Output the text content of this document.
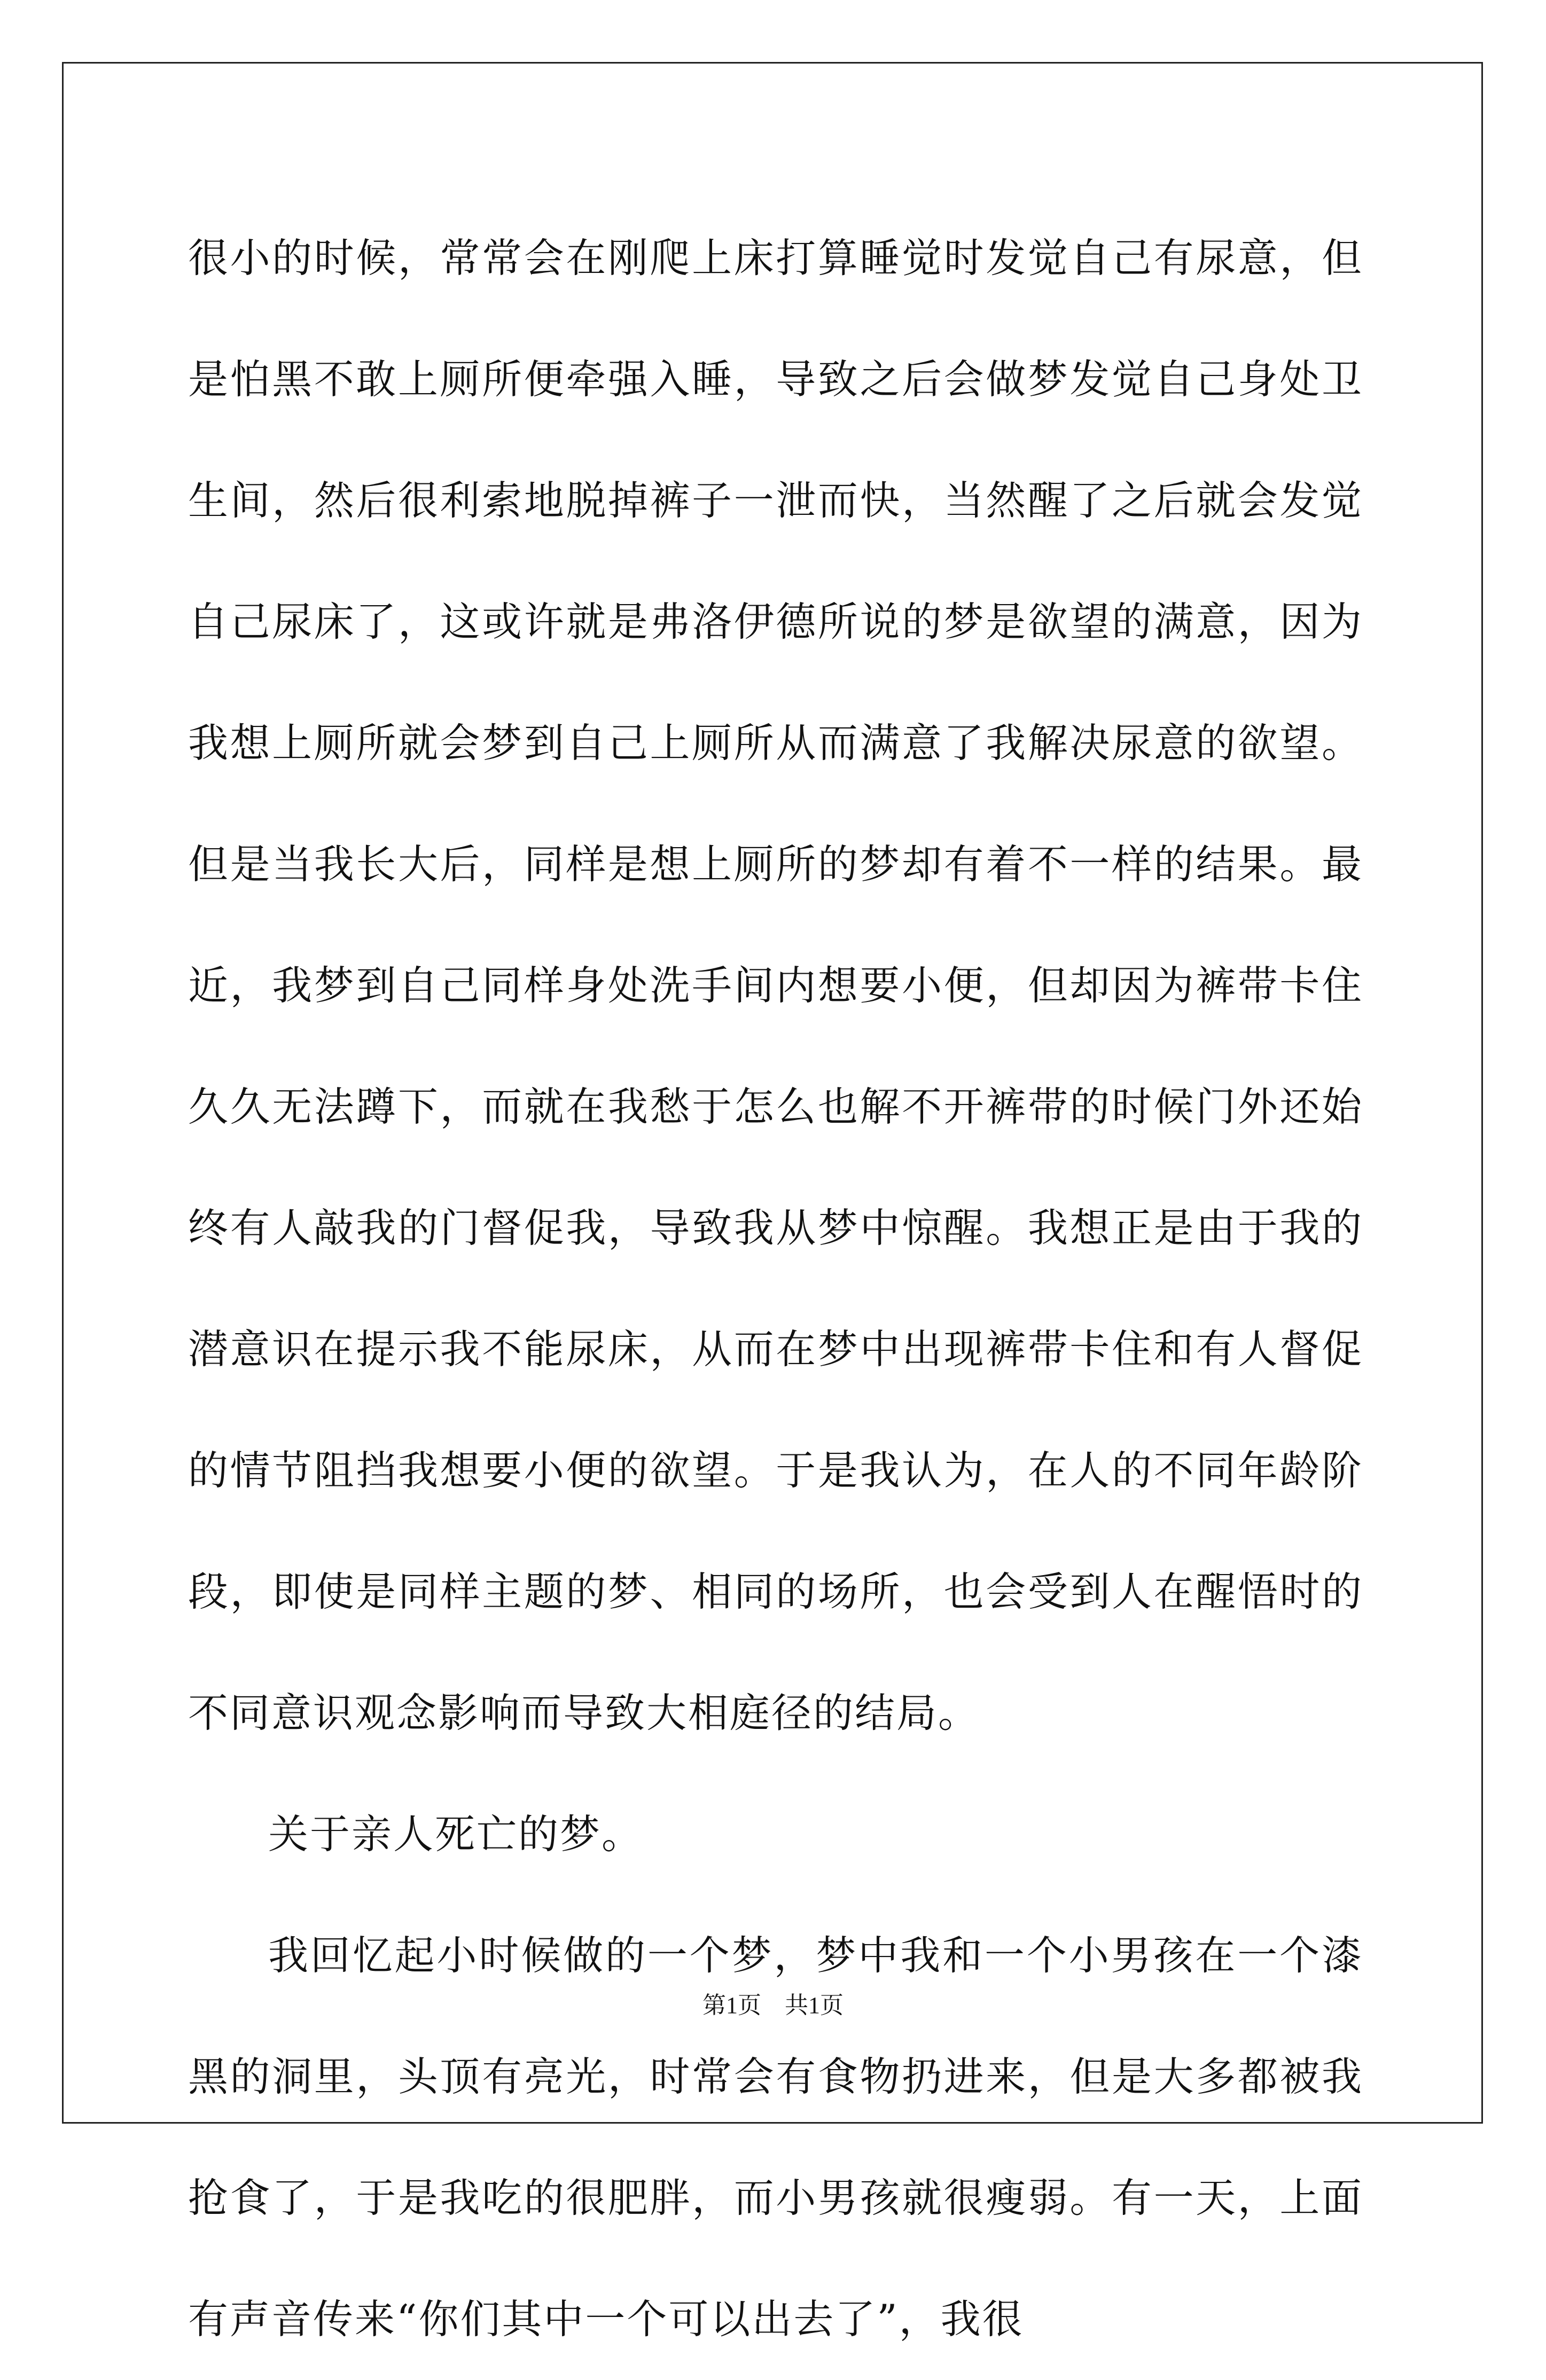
很小的时候，常常会在刚爬上床打算睡觉时发觉自己有尿意，但是怕黑不敢上厕所便牵强入睡，导致之后会做梦发觉自己身处卫生间，然后很利索地脱掉裤子一泄而快，当然醒了之后就会发觉自己尿床了，这或许就是弗洛伊德所说的梦是欲望的满意，因为我想上厕所就会梦到自己上厕所从而满意了我解决尿意的欲望。但是当我长大后，同样是想上厕所的梦却有着不一样的结果。最近，我梦到自己同样身处洗手间内想要小便，但却因为裤带卡住久久无法蹲下，而就在我愁于怎么也解不开裤带的时候门外还始终有人敲我的门督促我，导致我从梦中惊醒。我想正是由于我的潜意识在提示我不能尿床，从而在梦中出现裤带卡住和有人督促的情节阻挡我想要小便的欲望。于是我认为，在人的不同年龄阶段，即使是同样主题的梦、相同的场所，也会受到人在醒悟时的不同意识观念影响而导致大相庭径的结局。

关于亲人死亡的梦。

我回忆起小时候做的一个梦，梦中我和一个小男孩在一个漆黑的洞里，头顶有亮光，时常会有食物扔进来，但是大多都被我抢食了，于是我吃的很肥胖，而小男孩就很瘦弱。有一天，上面有声音传来“你们其中一个可以出去了”，我很

第1页　共1页
